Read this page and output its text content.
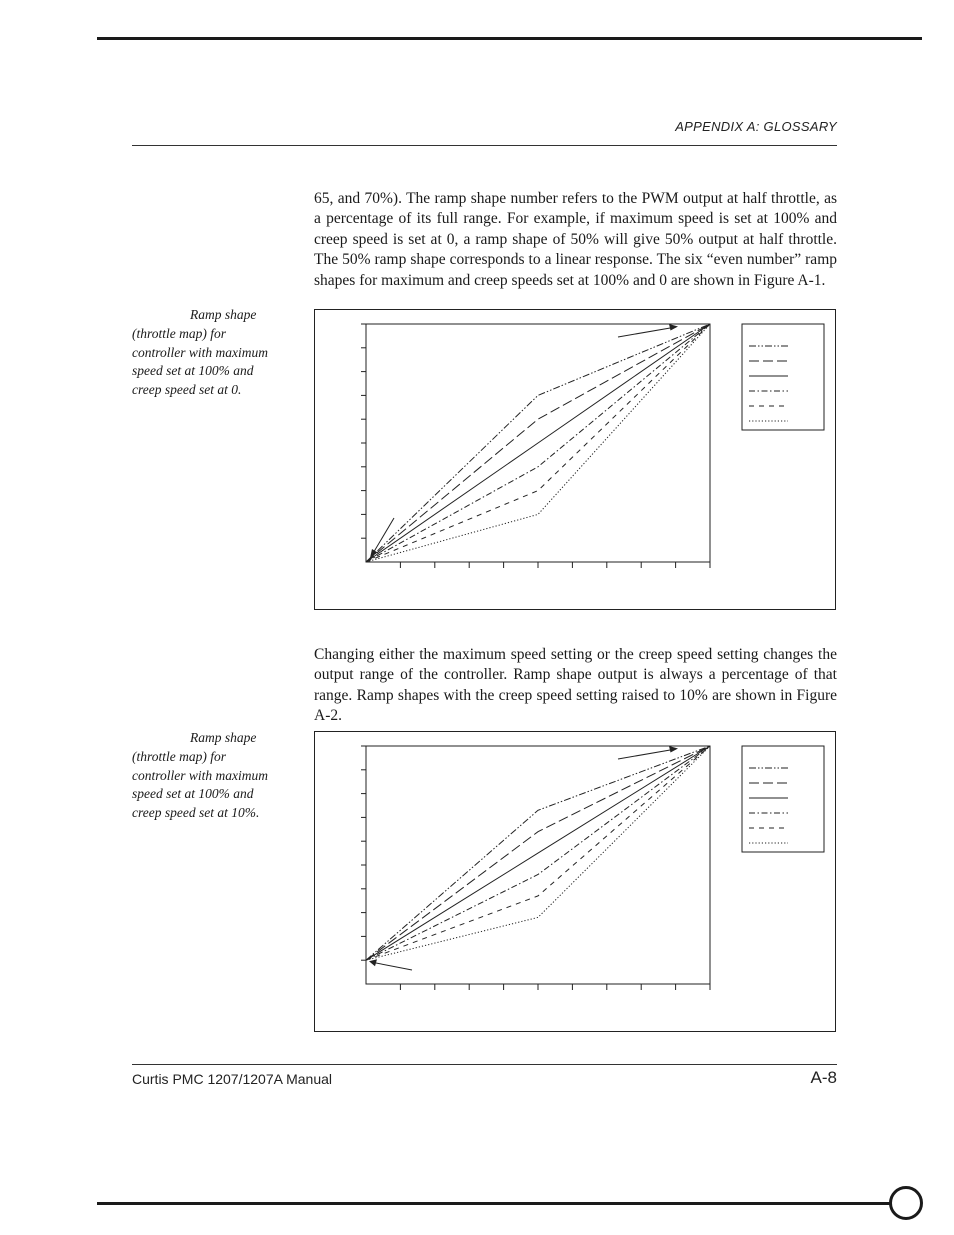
APPENDIX A: GLOSSARY

65, and 70%). The ramp shape number refers to the PWM output at half throttle, as a percentage of its full range. For example, if maximum speed is set at 100% and creep speed is set at 0, a ramp shape of 50% will give 50% output at half throttle. The 50% ramp shape corresponds to a linear response. The six “even number” ramp shapes for maximum and creep speeds set at 100% and 0 are shown in Figure A-1.

Ramp shape (throttle map) for controller with maximum speed set at 100% and creep speed set at 0.

Changing either the maximum speed setting or the creep speed setting changes the output range of the controller. Ramp shape output is always a percentage of that range. Ramp shapes with the creep speed setting raised to 10% are shown in Figure A-2.

Ramp shape (throttle map) for controller with maximum speed set at 100% and creep speed set at 10%.
Curtis PMC 1207/1207A Manual	A-8
